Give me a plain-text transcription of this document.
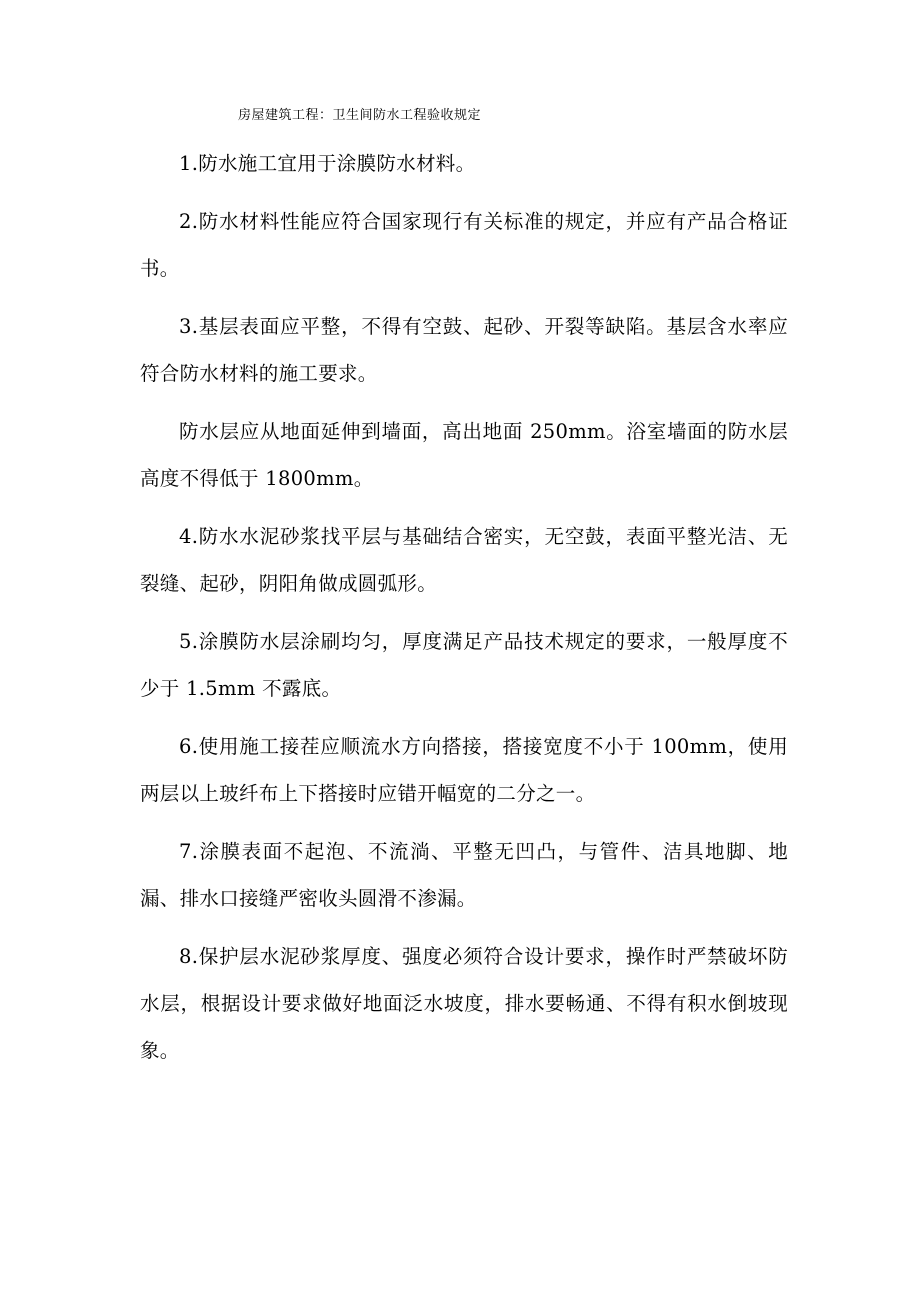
房屋建筑工程：卫生间防水工程验收规定

1.防水施工宜用于涂膜防水材料。

2.防水材料性能应符合国家现行有关标准的规定，并应有产品合格证书。

3.基层表面应平整，不得有空鼓、起砂、开裂等缺陷。基层含水率应符合防水材料的施工要求。

防水层应从地面延伸到墙面，高出地面 250mm。浴室墙面的防水层高度不得低于 1800mm。

4.防水水泥砂浆找平层与基础结合密实，无空鼓，表面平整光洁、无裂缝、起砂，阴阳角做成圆弧形。

5.涂膜防水层涂刷均匀，厚度满足产品技术规定的要求，一般厚度不少于 1.5mm 不露底。

6.使用施工接茬应顺流水方向搭接，搭接宽度不小于 100mm，使用两层以上玻纤布上下搭接时应错开幅宽的二分之一。

7.涂膜表面不起泡、不流淌、平整无凹凸，与管件、洁具地脚、地漏、排水口接缝严密收头圆滑不渗漏。

8.保护层水泥砂浆厚度、强度必须符合设计要求，操作时严禁破坏防水层，根据设计要求做好地面泛水坡度，排水要畅通、不得有积水倒坡现象。
